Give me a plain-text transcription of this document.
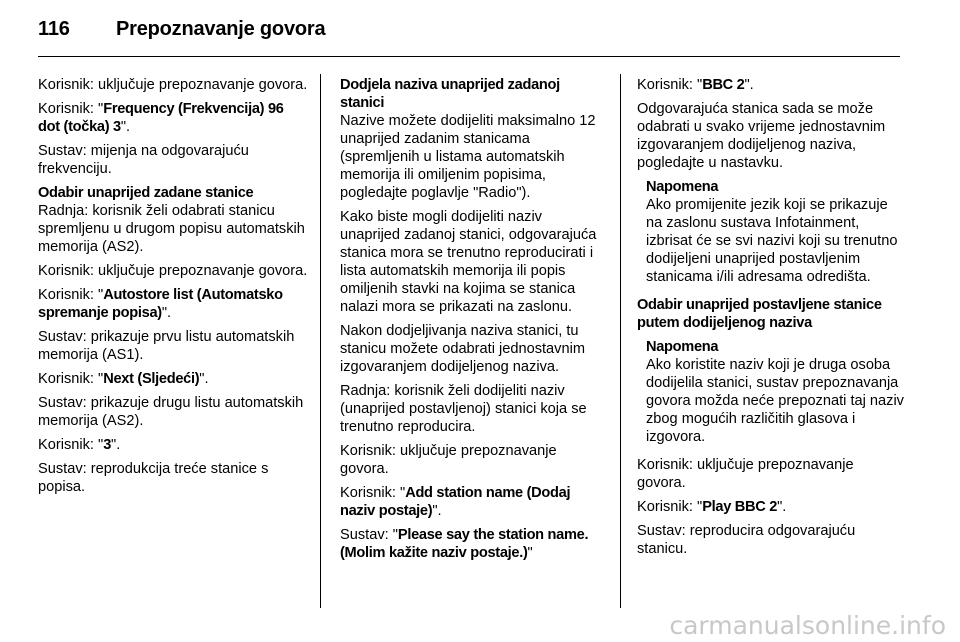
116 Prepoznavanje govora

Korisnik: uključuje prepoznavanje govora.

Korisnik: "Frequency (Frekvencija) 96 dot (točka) 3".

Sustav: mijenja na odgovarajuću frekvenciju.

Odabir unaprijed zadane stanice

Radnja: korisnik želi odabrati stanicu spremljenu u drugom popisu automatskih memorija (AS2).

Korisnik: uključuje prepoznavanje govora.

Korisnik: "Autostore list (Automatsko spremanje popisa)".

Sustav: prikazuje prvu listu automatskih memorija (AS1).

Korisnik: "Next (Sljedeći)".

Sustav: prikazuje drugu listu automatskih memorija (AS2).

Korisnik: "3".

Sustav: reprodukcija treće stanice s popisa.

Dodjela naziva unaprijed zadanoj stanici

Nazive možete dodijeliti maksimalno 12 unaprijed zadanim stanicama (spremljenih u listama automatskih memorija ili omiljenim popisima, pogledajte poglavlje "Radio").

Kako biste mogli dodijeliti naziv unaprijed zadanoj stanici, odgovarajuća stanica mora se trenutno reproducirati i lista automatskih memorija ili popis omiljenih stavki na kojima se stanica nalazi mora se prikazati na zaslonu.

Nakon dodjeljivanja naziva stanici, tu stanicu možete odabrati jednostavnim izgovaranjem dodijeljenog naziva.

Radnja: korisnik želi dodijeliti naziv (unaprijed postavljenoj) stanici koja se trenutno reproducira.

Korisnik: uključuje prepoznavanje govora.

Korisnik: "Add station name (Dodaj naziv postaje)".

Sustav: "Please say the station name. (Molim kažite naziv postaje.)"

Korisnik: "BBC 2".

Odgovarajuća stanica sada se može odabrati u svako vrijeme jednostavnim izgovaranjem dodijeljenog naziva, pogledajte u nastavku.

Napomena
Ako promijenite jezik koji se prikazuje na zaslonu sustava Infotainment, izbrisat će se svi nazivi koji su trenutno dodijeljeni unaprijed postavljenim stanicama i/ili adresama odredišta.
Odabir unaprijed postavljene stanice putem dodijeljenog naziva
Napomena
Ako koristite naziv koji je druga osoba dodijelila stanici, sustav prepoznavanja govora možda neće prepoznati taj naziv zbog mogućih različitih glasova i izgovora.

Korisnik: uključuje prepoznavanje govora.

Korisnik: "Play BBC 2".

Sustav: reproducira odgovarajuću stanicu.

carmanualsonline.info
